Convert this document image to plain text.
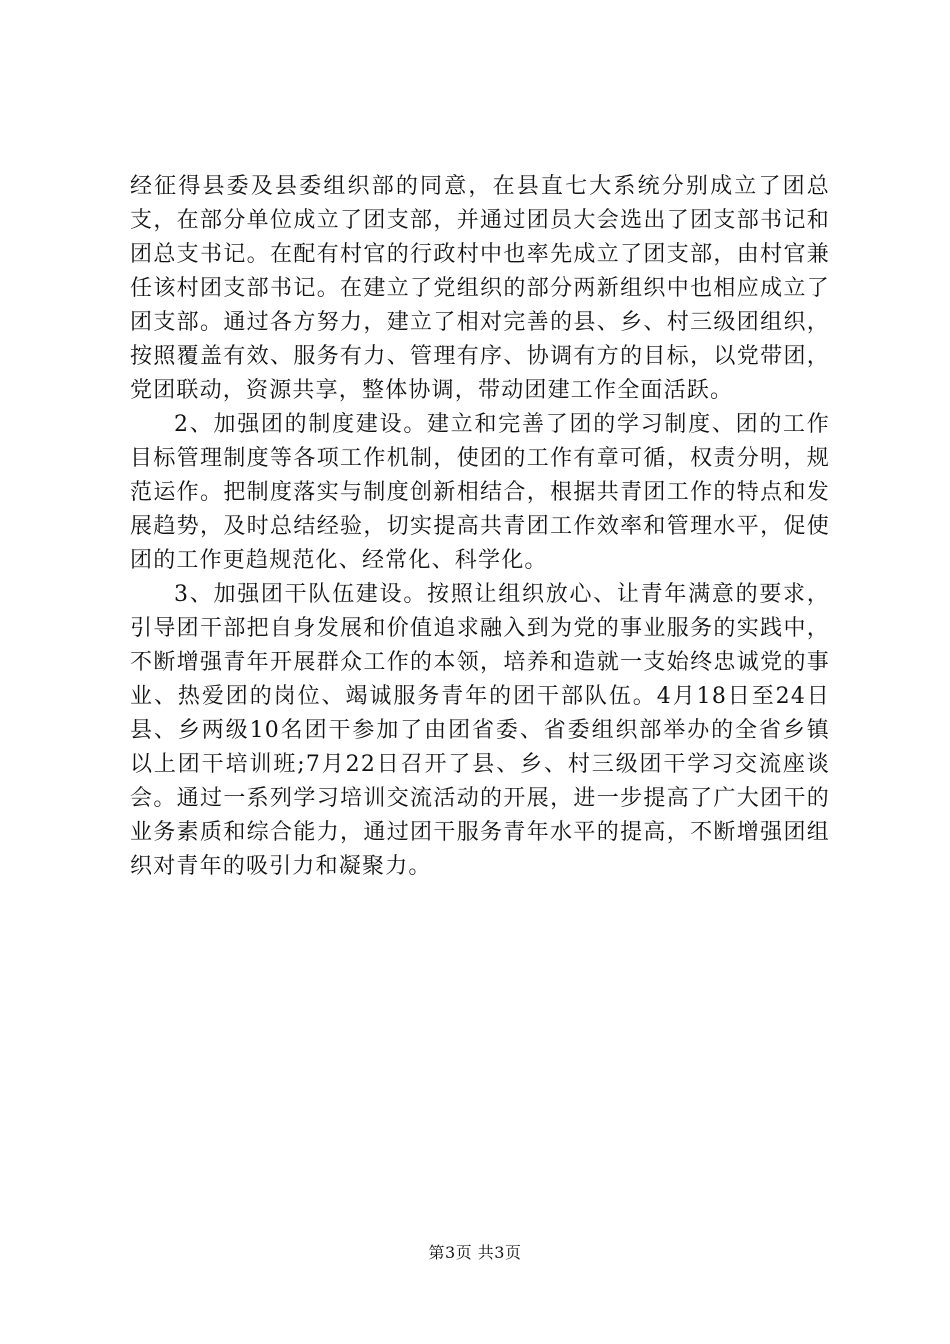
经征得县委及县委组织部的同意，在县直七大系统分别成立了团总支，在部分单位成立了团支部，并通过团员大会选出了团支部书记和团总支书记。在配有村官的行政村中也率先成立了团支部，由村官兼任该村团支部书记。在建立了党组织的部分两新组织中也相应成立了团支部。通过各方努力，建立了相对完善的县、乡、村三级团组织，按照覆盖有效、服务有力、管理有序、协调有方的目标，以党带团，党团联动，资源共享，整体协调，带动团建工作全面活跃。

2、加强团的制度建设。建立和完善了团的学习制度、团的工作目标管理制度等各项工作机制，使团的工作有章可循，权责分明，规范运作。把制度落实与制度创新相结合，根据共青团工作的特点和发展趋势，及时总结经验，切实提高共青团工作效率和管理水平，促使团的工作更趋规范化、经常化、科学化。

3、加强团干队伍建设。按照让组织放心、让青年满意的要求，引导团干部把自身发展和价值追求融入到为党的事业服务的实践中，不断增强青年开展群众工作的本领，培养和造就一支始终忠诚党的事业、热爱团的岗位、竭诚服务青年的团干部队伍。4月18日至24日县、乡两级10名团干参加了由团省委、省委组织部举办的全省乡镇以上团干培训班;7月22日召开了县、乡、村三级团干学习交流座谈会。通过一系列学习培训交流活动的开展，进一步提高了广大团干的业务素质和综合能力，通过团干服务青年水平的提高，不断增强团组织对青年的吸引力和凝聚力。

第3页 共3页
